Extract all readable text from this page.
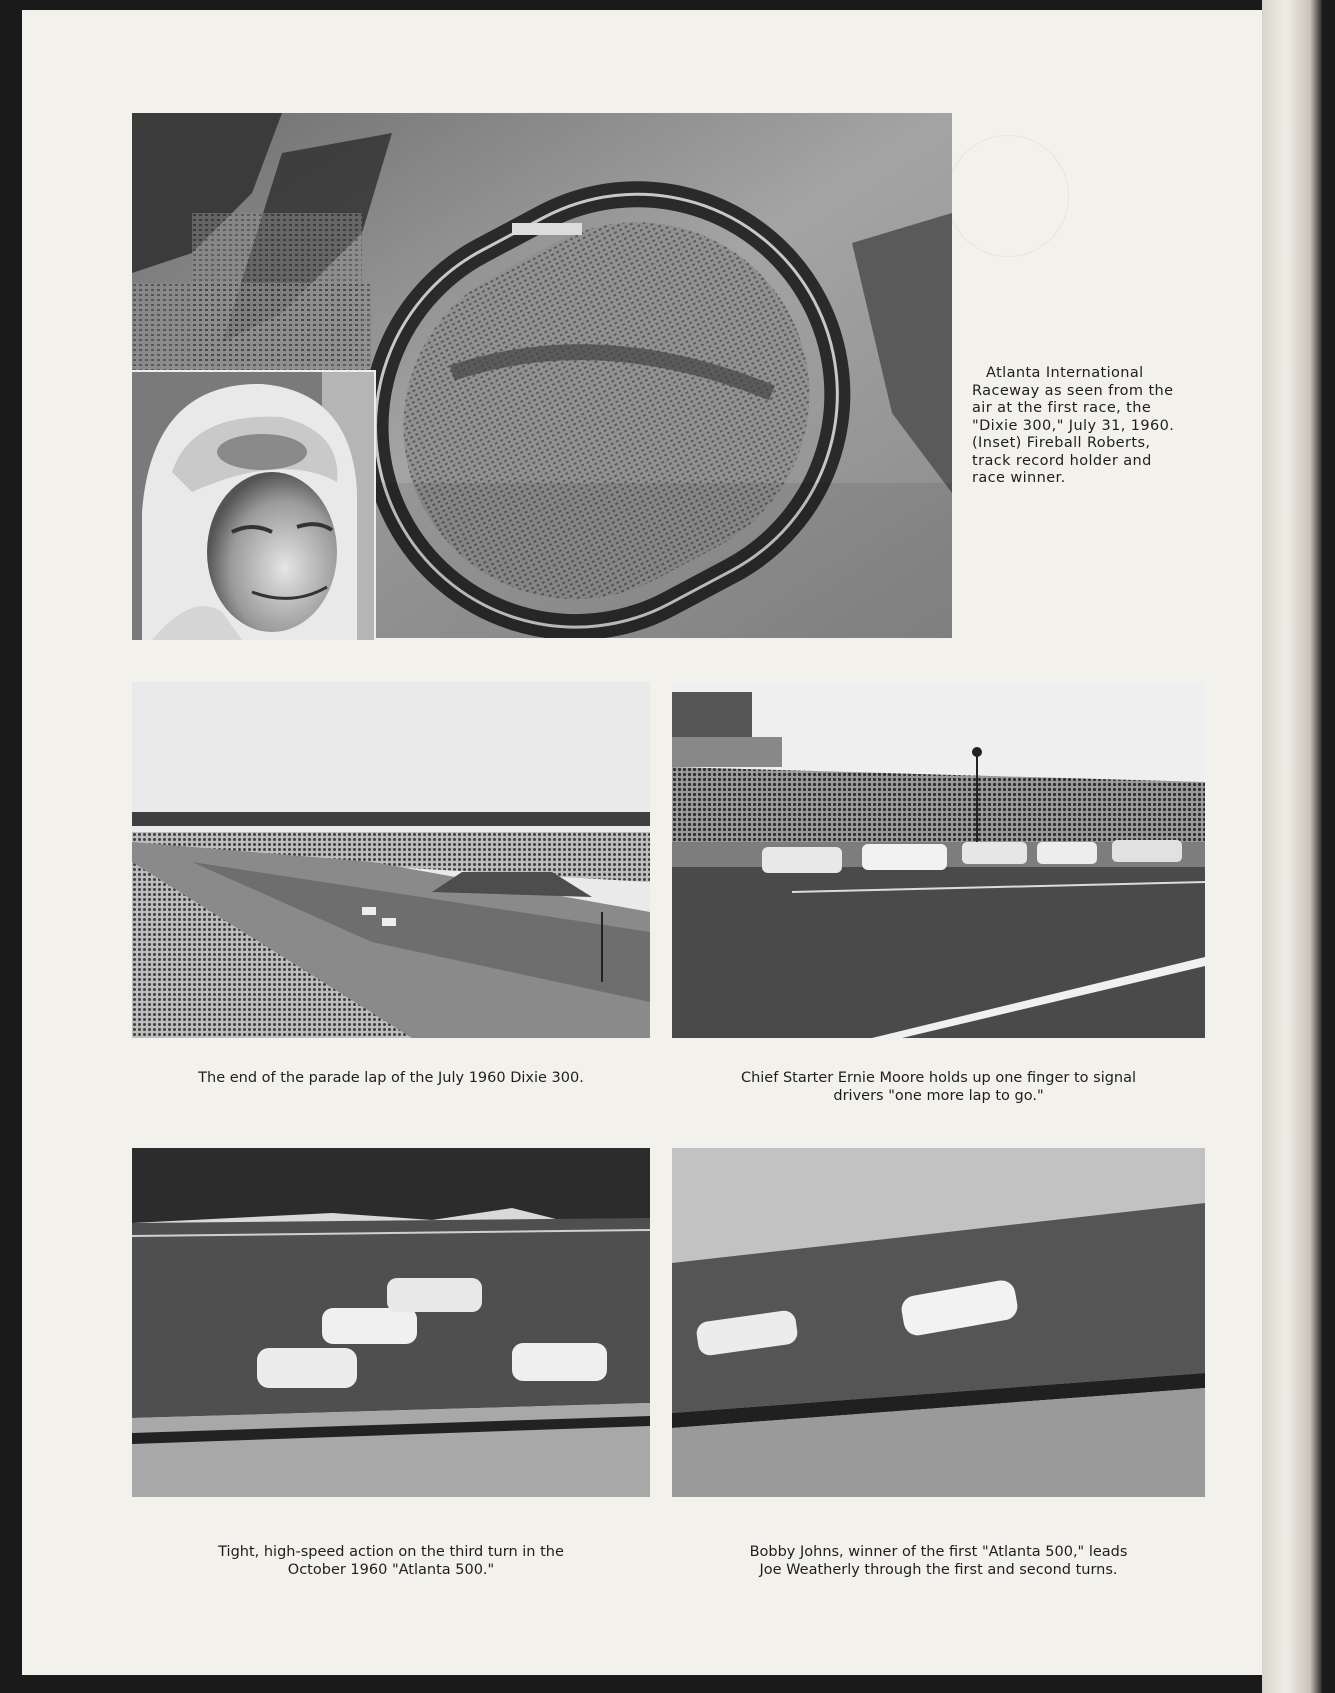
Atlanta International
Raceway as seen from the
air at the first race, the
"Dixie 300," July 31, 1960.
(Inset) Fireball Roberts,
track record holder and
race winner.
The end of the parade lap of the July 1960 Dixie 300.	Chief Starter Ernie Moore holds up one finger to signal
drivers "one more lap to go."
Tight, high-speed action on the third turn in the
October 1960 "Atlanta 500."
Bobby Johns, winner of the first "Atlanta 500," leads
Joe Weatherly through the first and second turns.
